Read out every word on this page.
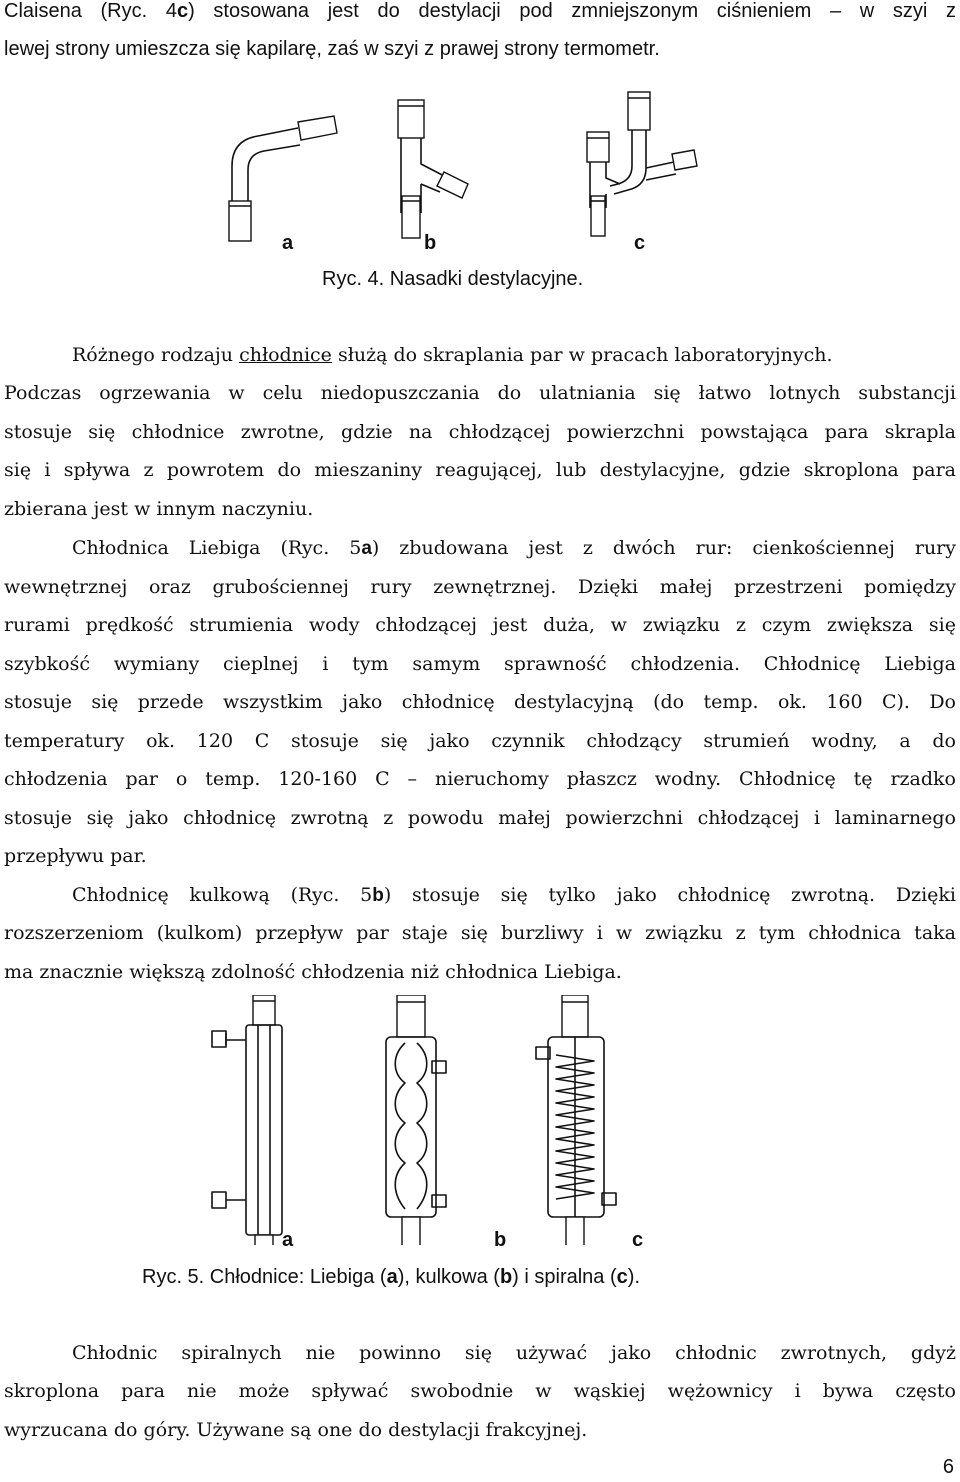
Claisena (Ryc. 4c) stosowana jest do destylacji pod zmniejszonym ciśnieniem – w szyi z
lewej strony umieszcza się kapilarę, zaś w szyi z prawej strony termometr.
a	b	c
Ryc. 4. Nasadki destylacyjne.
Różnego rodzaju chłodnice służą do skraplania par w pracach laboratoryjnych.
Podczas ogrzewania w celu niedopuszczania do ulatniania się łatwo lotnych substancji
stosuje się chłodnice zwrotne, gdzie na chłodzącej powierzchni powstająca para skrapla
się i spływa z powrotem do mieszaniny reagującej, lub destylacyjne, gdzie skroplona para
zbierana jest w innym naczyniu.
Chłodnica Liebiga (Ryc. 5a) zbudowana jest z dwóch rur: cienkościennej rury
wewnętrznej oraz grubościennej rury zewnętrznej. Dzięki małej przestrzeni pomiędzy
rurami prędkość strumienia wody chłodzącej jest duża, w związku z czym zwiększa się
szybkość wymiany cieplnej i tym samym sprawność chłodzenia. Chłodnicę Liebiga
stosuje się przede wszystkim jako chłodnicę destylacyjną (do temp. ok. 160 C). Do
temperatury ok. 120 C stosuje się jako czynnik chłodzący strumień wodny, a do
chłodzenia par o temp. 120-160 C – nieruchomy płaszcz wodny. Chłodnicę tę rzadko
stosuje się jako chłodnicę zwrotną z powodu małej powierzchni chłodzącej i laminarnego
przepływu par.
Chłodnicę kulkową (Ryc. 5b) stosuje się tylko jako chłodnicę zwrotną. Dzięki
rozszerzeniom (kulkom) przepływ par staje się burzliwy i w związku z tym chłodnica taka
ma znacznie większą zdolność chłodzenia niż chłodnica Liebiga.
a	b	c
Ryc. 5. Chłodnice: Liebiga (a), kulkowa (b) i spiralna (c).
Chłodnic spiralnych nie powinno się używać jako chłodnic zwrotnych, gdyż
skroplona para nie może spływać swobodnie w wąskiej wężownicy i bywa często
wyrzucana do góry. Używane są one do destylacji frakcyjnej.
6
